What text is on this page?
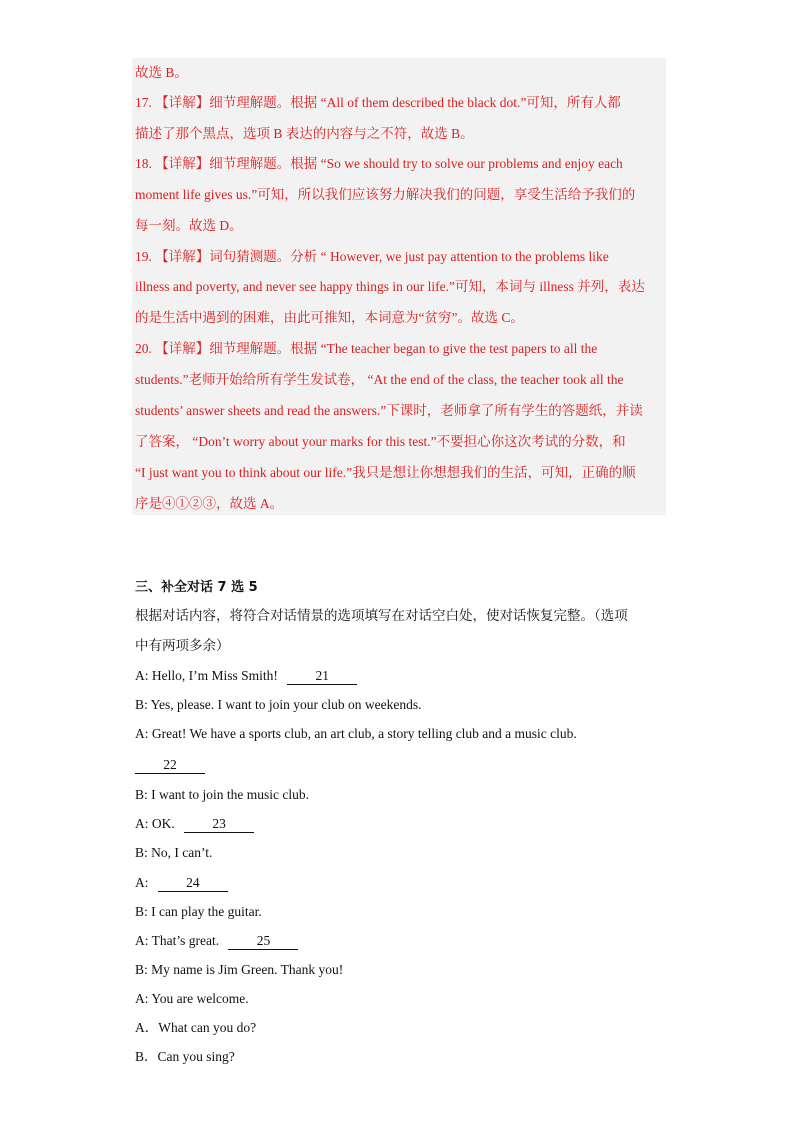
故选 B。
17. 【详解】细节理解题。根据 “All of them described the black dot.”可知，所有人都
描述了那个黑点，选项 B 表达的内容与之不符，故选 B。
18. 【详解】细节理解题。根据 “So we should try to solve our problems and enjoy each
moment life gives us.”可知，所以我们应该努力解决我们的问题，享受生活给予我们的
每一刻。故选 D。
19. 【详解】词句猜测题。分析 “ However, we just pay attention to the problems like
illness and poverty, and never see happy things in our life.”可知，本词与 illness 并列，表达
的是生活中遇到的困难，由此可推知，本词意为“贫穷”。故选 C。
20. 【详解】细节理解题。根据 “The teacher began to give the test papers to all the
students.”老师开始给所有学生发试卷， “At the end of the class, the teacher took all the
students’ answer sheets and read the answers.”下课时，老师拿了所有学生的答题纸，并读
了答案， “Don’t worry about your marks for this test.”不要担心你这次考试的分数，和
“I just want you to think about our life.”我只是想让你想想我们的生活，可知，正确的顺
序是④①②③，故选 A。
三、补全对话 7 选 5
根据对话内容，将符合对话情景的选项填写在对话空白处，使对话恢复完整。（选项
中有两项多余）
A: Hello, I’m Miss Smith!	21
B: Yes, please. I want to join your club on weekends.
A: Great! We have a sports club, an art club, a story telling club and a music club.
22
B: I want to join the music club.
A: OK.	23
B: No, I can’t.
A:	24
B: I can play the guitar.
A: That’s great.	25
B: My name is Jim Green. Thank you!
A: You are welcome.
A．What can you do?
B．Can you sing?
